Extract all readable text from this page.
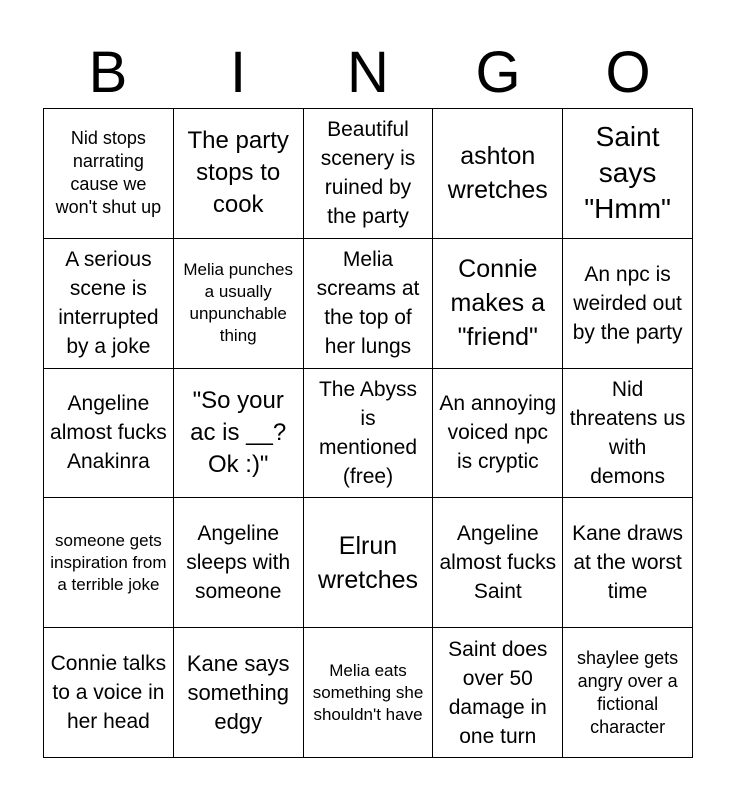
B	I	N	G	O
Nid stops narrating cause we won't shut up
The party stops to cook
Beautiful scenery is ruined by the party
ashton wretches
Saint says "Hmm"
A serious scene is interrupted by a joke
Melia punches a usually unpunchable thing
Melia screams at the top of her lungs
Connie makes a "friend"
An npc is weirded out by the party
Angeline almost fucks Anakinra
"So your ac is __? Ok :)"
The Abyss is mentioned (free)
An annoying voiced npc is cryptic
Nid threatens us with demons
someone gets inspiration from a terrible joke
Angeline sleeps with someone
Elrun wretches
Angeline almost fucks Saint
Kane draws at the worst time
Connie talks to a voice in her head
Kane says something edgy
Melia eats something she shouldn't have
Saint does over 50 damage in one turn
shaylee gets angry over a fictional character
